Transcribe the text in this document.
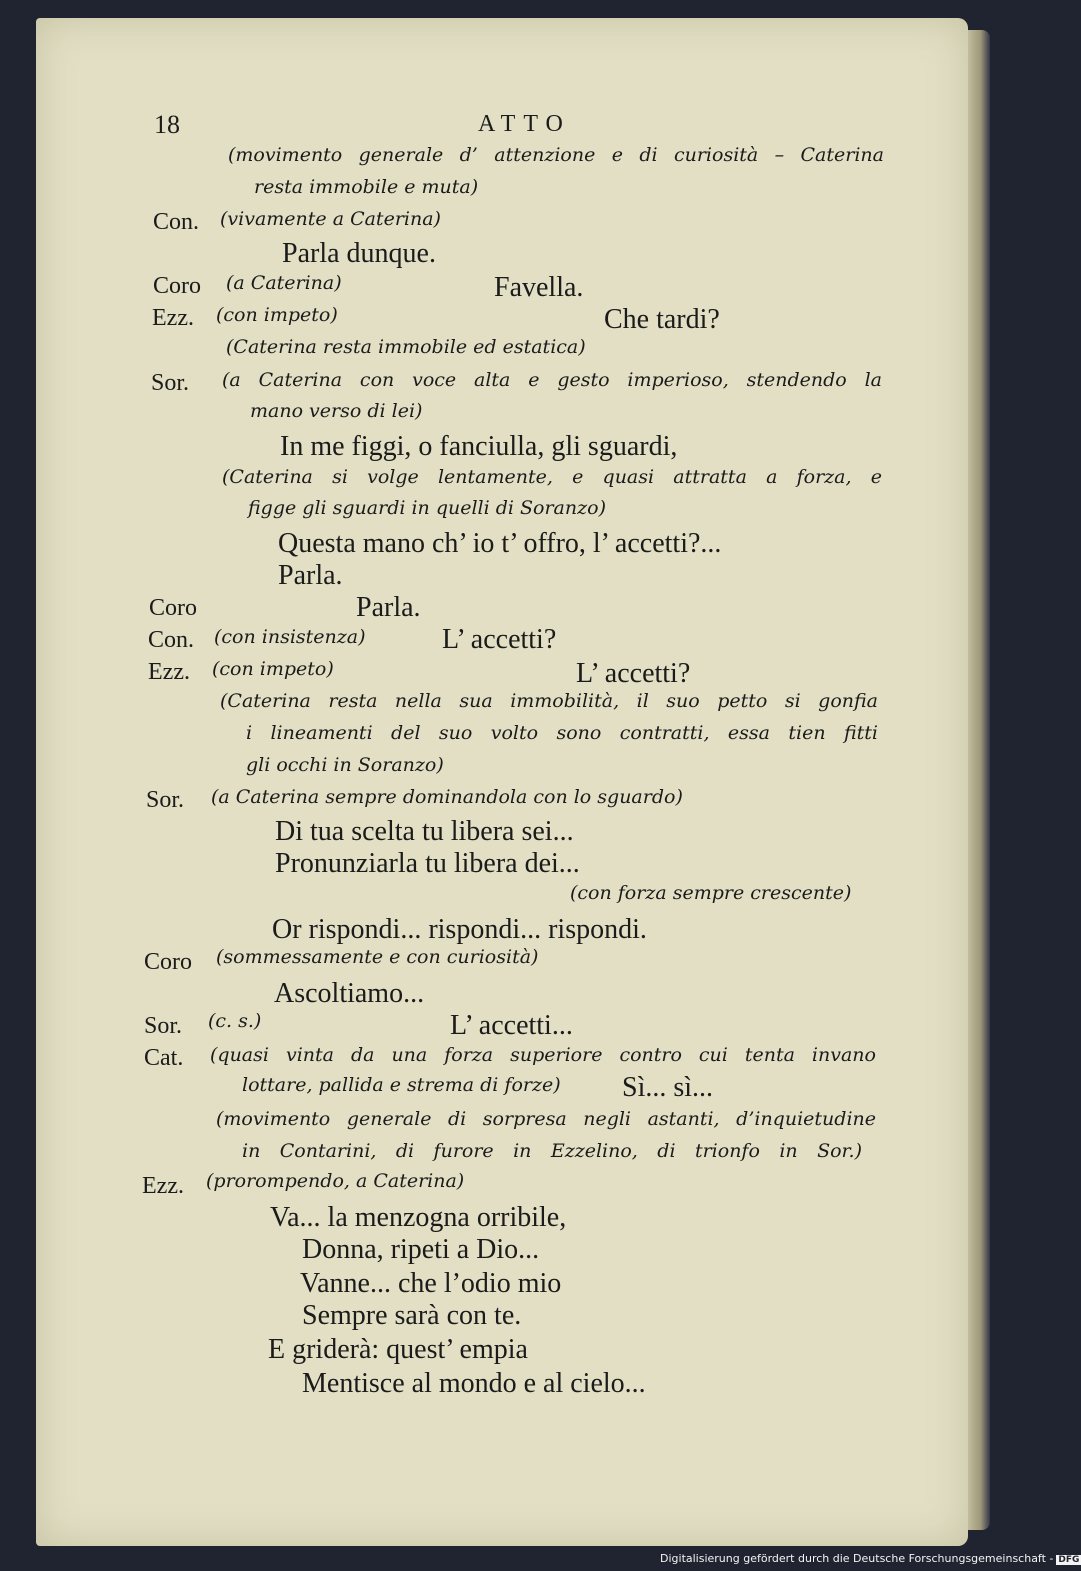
18	ATTO
(movimento generale d’ attenzione e di curiosità – Caterina
resta immobile e muta)
Con. (vivamente a Caterina)
Parla dunque.
Coro (a Caterina)	Favella.
Ezz. (con impeto)	Che tardi?
(Caterina resta immobile ed estatica)
Sor. (a Caterina con voce alta e gesto imperioso, stendendo la
mano verso di lei)
In me figgi, o fanciulla, gli sguardi,
(Caterina si volge lentamente, e quasi attratta a forza, e
figge gli sguardi in quelli di Soranzo)
Questa mano ch’ io t’ offro, l’ accetti?...
Parla.
Coro	Parla.
Con. (con insistenza)	L’ accetti?
Ezz. (con impeto)	L’ accetti?
(Caterina resta nella sua immobilità, il suo petto si gonfia
i lineamenti del suo volto sono contratti, essa tien fitti
gli occhi in Soranzo)
Sor. (a Caterina sempre dominandola con lo sguardo)
Di tua scelta tu libera sei...
Pronunziarla tu libera dei...
(con forza sempre crescente)
Or rispondi... rispondi... rispondi.
Coro (sommessamente e con curiosità)
Ascoltiamo...
Sor. (c. s.)	L’ accetti...
Cat. (quasi vinta da una forza superiore contro cui tenta invano
lottare, pallida e strema di forze) Sì... sì...
(movimento generale di sorpresa negli astanti, d’inquietudine
in Contarini, di furore in Ezzelino, di trionfo in Sor.)
Ezz. (prorompendo, a Caterina)
Va... la menzogna orribile,
Donna, ripeti a Dio...
Vanne... che l’odio mio
Sempre sarà con te.
E griderà: quest’ empia
Mentisce al mondo e al cielo...
Digitalisierung gefördert durch die Deutsche Forschungsgemeinschaft - DFG
